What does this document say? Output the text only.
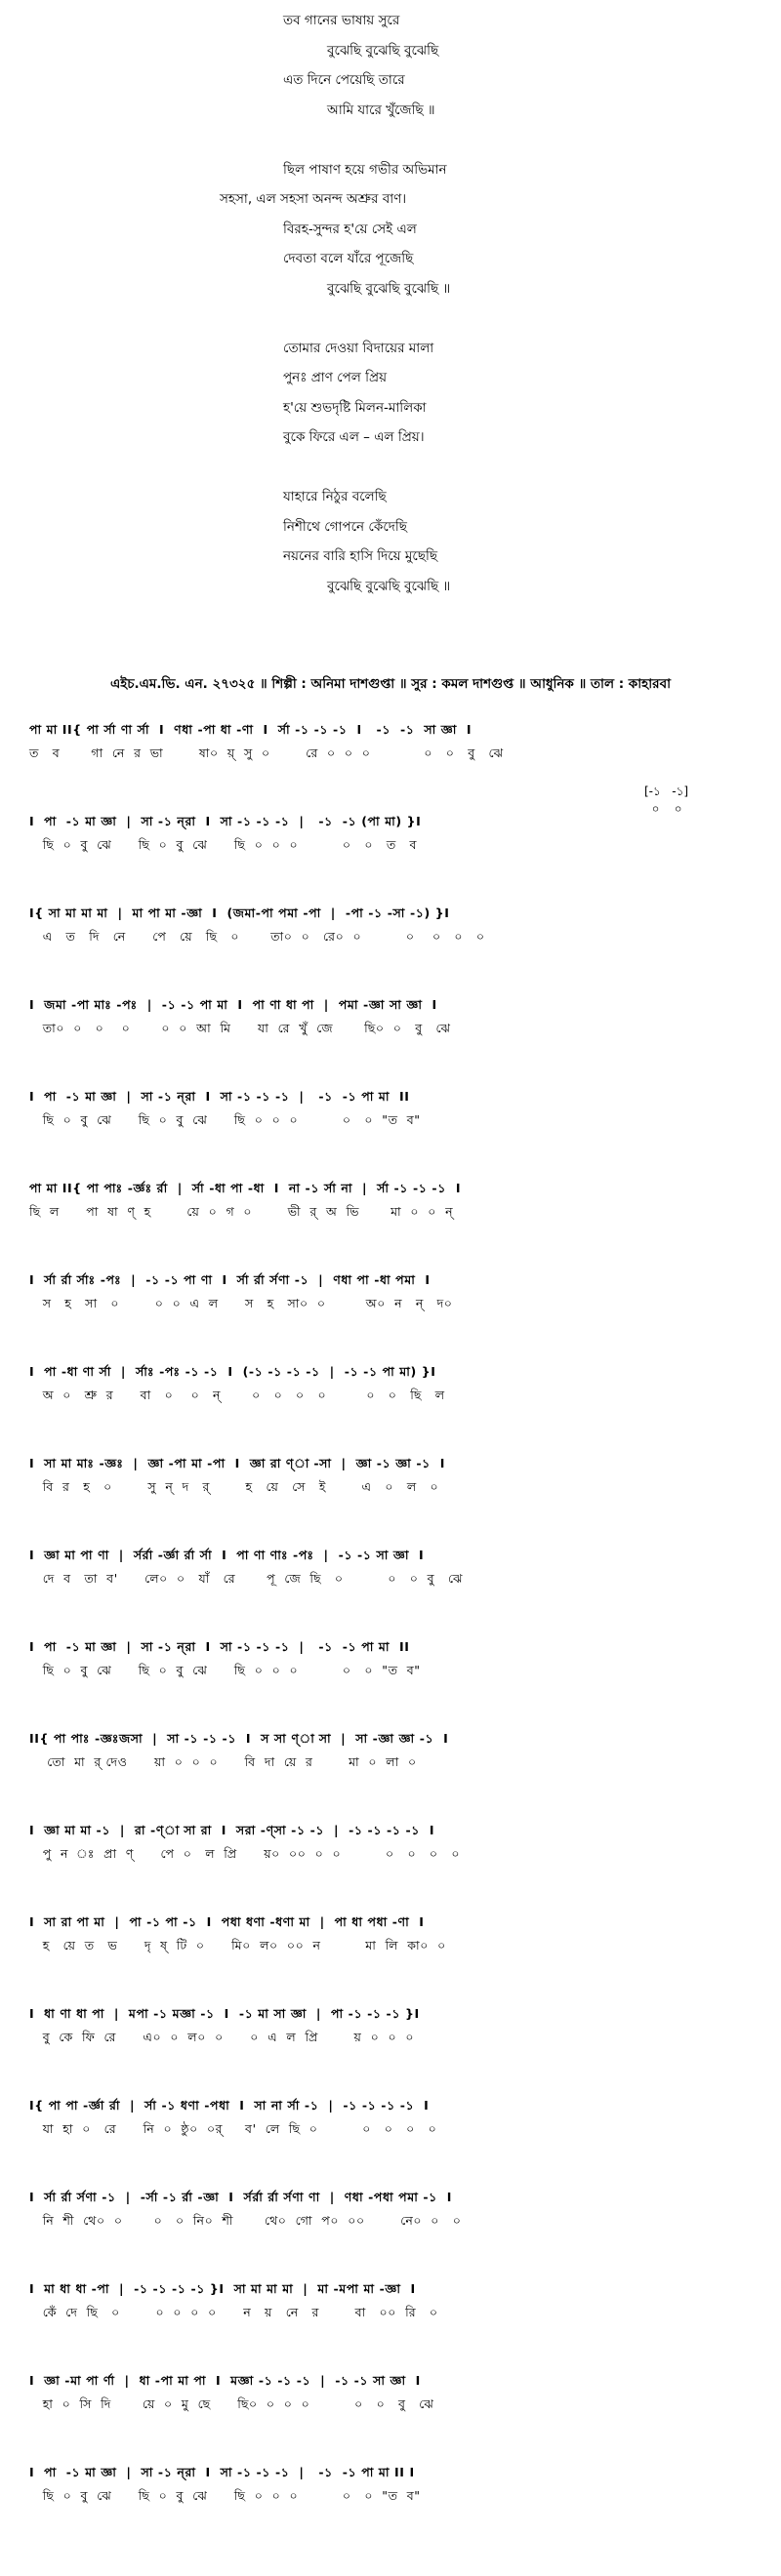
তব গানের ভাষায় সুরে
বুঝেছি বুঝেছি বুঝেছি
এত দিনে পেয়েছি তারে
আমি যারে খুঁজেছি ॥
ছিল পাষাণ হয়ে গভীর অভিমান
সহসা, এল সহসা অনন্দ অশ্রুর বাণ।
বিরহ-সুন্দর হ'য়ে সেই এল
দেবতা বলে যাঁরে পূজেছি
বুঝেছি বুঝেছি বুঝেছি ॥
তোমার দেওয়া বিদায়ের মালা
পুনঃ প্রাণ পেল প্রিয়
হ'য়ে শুভদৃষ্টি মিলন-মালিকা
বুকে ফিরে এল – এল প্রিয়।
যাহারে নিঠুর বলেছি
নিশীথে গোপনে কেঁদেছি
নয়নের বারি হাসি দিয়ে মুছেছি
বুঝেছি বুঝেছি বুঝেছি ॥
এইচ.এম.ভি. এন. ২৭৩২৫ ॥ শিল্পী : অনিমা দাশগুপ্তা ॥ সুর : কমল দাশগুপ্ত ॥ আধুনিক ॥ তাল : কাহারবা
পা মা II{ পা র্সা ণা র্সা  I  ণধা -পা ধা -ণা  I  র্সা -১ -১ -১  I   -১  -১  সা জ্ঞা  I
ত   ব       গা  নে  র  ভা        ষা০  য়্  সু  ০        রে  ০  ০  ০            ০   ০   বু   ঝে
I  পা  -১ মা জ্ঞা  |  সা -১ ন্‌রা  I  সা -১ -১ -১  |   -১  -১ (পা মা) }I
ছি  ০  বু  ঝে      ছি  ০  বু  ঝে      ছি  ০  ০  ০          ০   ০   ত   ব
[-১   -১]
০    ০
I{ সা মা মা মা  |  মা পা মা -জ্ঞা  I  (জমা-পা পমা -পা  |  -পা -১ -সা -১) }I
এ   ত   দি   নে      পে   য়ে   ছি   ০       তা০  ০   রে০  ০          ০    ০   ০   ০
I  জমা -পা মাঃ -পঃ  |  -১ -১ পা মা  I  পা ণা ধা পা  |  পমা -জ্ঞা সা জ্ঞা  I
তা০  ০   ০    ০       ০  ০  আ  মি      যা  রে  খুঁ  জে       ছি০  ০   বু   ঝে
I  পা  -১ মা জ্ঞা  |  সা -১ ন্‌রা  I  সা -১ -১ -১  |   -১  -১ পা মা  II
ছি  ০  বু  ঝে      ছি  ০  বু  ঝে      ছি  ০  ০  ০          ০   ০  "ত  ব"
পা মা II{ পা পাঃ -র্জ্ঞঃ র্রা  |  র্সা -ধা পা -ধা  I  না -১ র্সা না  |  র্সা -১ -১ -১  I
ছি  ল      পা  ষা  ণ্  হ        য়ে  ০  গ  ০        ভী  র্  অ  ভি       মা  ০  ০  ন্
I  র্সা র্রা র্সাঃ -পঃ  |  -১ -১ পা ণা  I  র্সা র্রা র্সণা -১  |  ণধা পা -ধা পমা  I
স   হ   সা   ০        ০  ০  এ  ল      স   হ   সা০  ০         অ০  ন   ন্   দ০
I  পা -ধা ণা র্সা  |  র্সাঃ -পঃ -১ -১  I  (-১ -১ -১ -১  |  -১ -১ পা মা) }I
অ  ০   শ্রু  র      বা   ০    ০   ন্       ০   ০   ০   ০         ০   ০   ছি   ল
I  সা মা মাঃ -জ্ঞঃ  |  জ্ঞা -পা মা -পা  I  জ্ঞা রা ণ্‌া -সা  |  জ্ঞা -১ জ্ঞা -১  I
বি  র   হ   ০        সু  ন্  দ   র্        হ   য়ে   সে   ই        এ   ০   ল   ০
I  জ্ঞা মা পা ণা  |  র্সর্রা -র্জ্ঞা র্রা র্সা  I  পা ণা ণাঃ -পঃ  |  -১ -১ সা জ্ঞা  I
দে  ব   তা  ব'      লে০  ০   যাঁ   রে       পূ  জে  ছি   ০          ০   ০  বু   ঝে
I  পা  -১ মা জ্ঞা  |  সা -১ ন্‌রা  I  সা -১ -১ -১  |   -১  -১ পা মা  II
ছি  ০  বু  ঝে      ছি  ০  বু  ঝে      ছি  ০  ০  ০          ০   ০  "ত  ব"
II{ পা পাঃ -জ্ঞঃজসা  |  সা -১ -১ -১  I  স সা ণ্‌া সা  |  সা -জ্ঞা জ্ঞা -১  I
তো  মা  র্ দেও      য়া  ০  ০  ০      বি  দা  য়ে  র        মা  ০  লা  ০
I  জ্ঞা মা মা -১  |  রা -ণ্‌া সা রা  I  সরা -ণ্‌সা -১ -১  |  -১ -১ -১ -১  I
পু  ন  ঃ  প্রা  ণ্      পে  ০   ল  প্রি      য়০  ০০  ০  ০          ০   ০   ০   ০
I  সা রা পা মা  |  পা -১ পা -১  I  পধা ধণা -ধণা মা  |  পা ধা পধা -ণা  I
হ   য়ে  ত   ভ      দৃ  ষ্  টি  ০      মি০  ল০  ০০  ন          মা  লি  কা০  ০
I  ধা ণা ধা পা  |  মপা -১ মজ্ঞা -১  I  -১ মা সা জ্ঞা  |  পা -১ -১ -১ }I
বু  কে  ফি  রে      এ০  ০  ল০  ০      ০  এ  ল  প্রি        য়  ০  ০  ০
I{ পা পা -র্জ্ঞা র্রা  |  র্সা -১ ধণা -পধা  I  সা না র্সা -১  |  -১ -১ -১ -১  I
যা  হা  ০   রে      নি  ০  ষ্ঠু০  ০র্     ব'  লে  ছি  ০          ০   ০   ০   ০
I  র্সা র্রা র্সণা -১  |  -র্সা -১ র্রা -জ্ঞা  I  র্সর্রা র্রা র্সণা ণা  |  ণধা -পধা পমা -১  I
নি  শী  থে০  ০       ০   ০  নি০  শী       থে০  গো  প০  ০০        নে০  ০   ০
I  মা ধা ধা -পা  |  -১ -১ -১ -১ }I  সা মা মা মা  |  মা -মপা মা -জ্ঞা  I
কেঁ  দে  ছি   ০        ০  ০  ০  ০      ন   য়   নে   র        বা   ০০  রি   ০
I  জ্ঞা -মা পা র্ণা  |  ধা -পা মা পা  I  মজ্ঞা -১ -১ -১  |  -১ -১ সা জ্ঞা  I
হা  ০  সি  দি       য়ে  ০  মু  ছে      ছি০  ০  ০  ০          ০   ০   বু   ঝে
I  পা  -১ মা জ্ঞা  |  সা -১ ন্‌রা  I  সা -১ -১ -১  |   -১  -১ পা মা II I
ছি  ০  বু  ঝে      ছি  ০  বু  ঝে      ছি  ০  ০  ০          ০   ০  "ত  ব"
